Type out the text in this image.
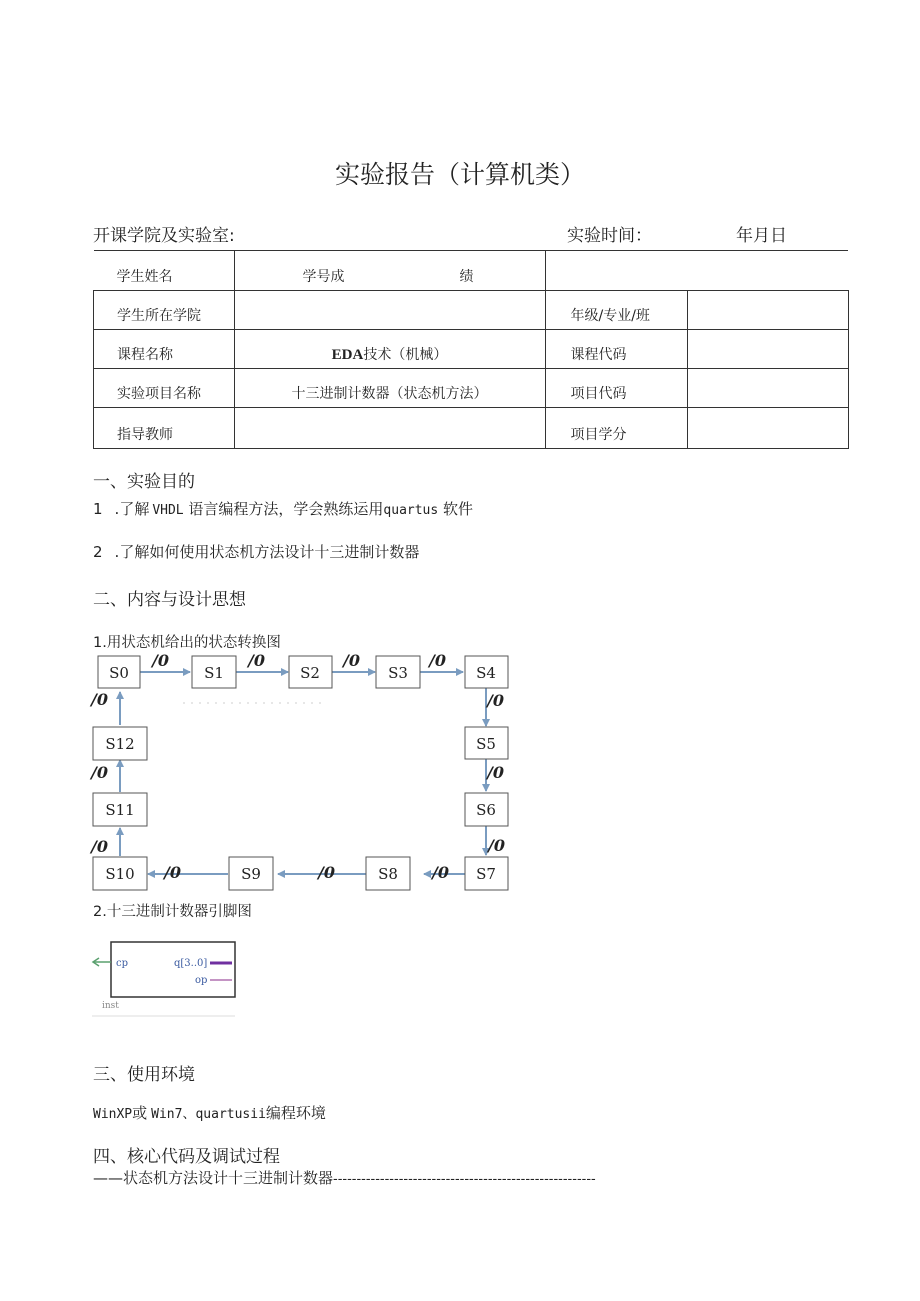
实验报告（计算机类）
开课学院及实验室:	实验时间：	年月日
学生姓名	学号成 绩		
学生所在学院		年级/专业/班	
课程名称	EDA技术（机械）	课程代码	
实验项目名称	十三进制计数器（状态机方法）	项目代码	
指导教师		项目学分	
一、实验目的
1 .了解 VHDL 语言编程方法，学会熟练运用quartus 软件
2 .了解如何使用状态机方法设计十三进制计数器
二、内容与设计思想
1.用状态机给出的状态转换图
/0	/0	/0	/0
/0
/0
/0
/0
/0
/0
/0
/0
/0
S0	S1	S2	S3	S4
S5
S6
S7
S8
S9
S10
S11
S12
2.十三进制计数器引脚图
cp	q[3..0]
op
inst
三、使用环境
WinXP或 Win7、quartusii编程环境
四、核心代码及调试过程
——状态机方法设计十三进制计数器--------------------------------------------------------
